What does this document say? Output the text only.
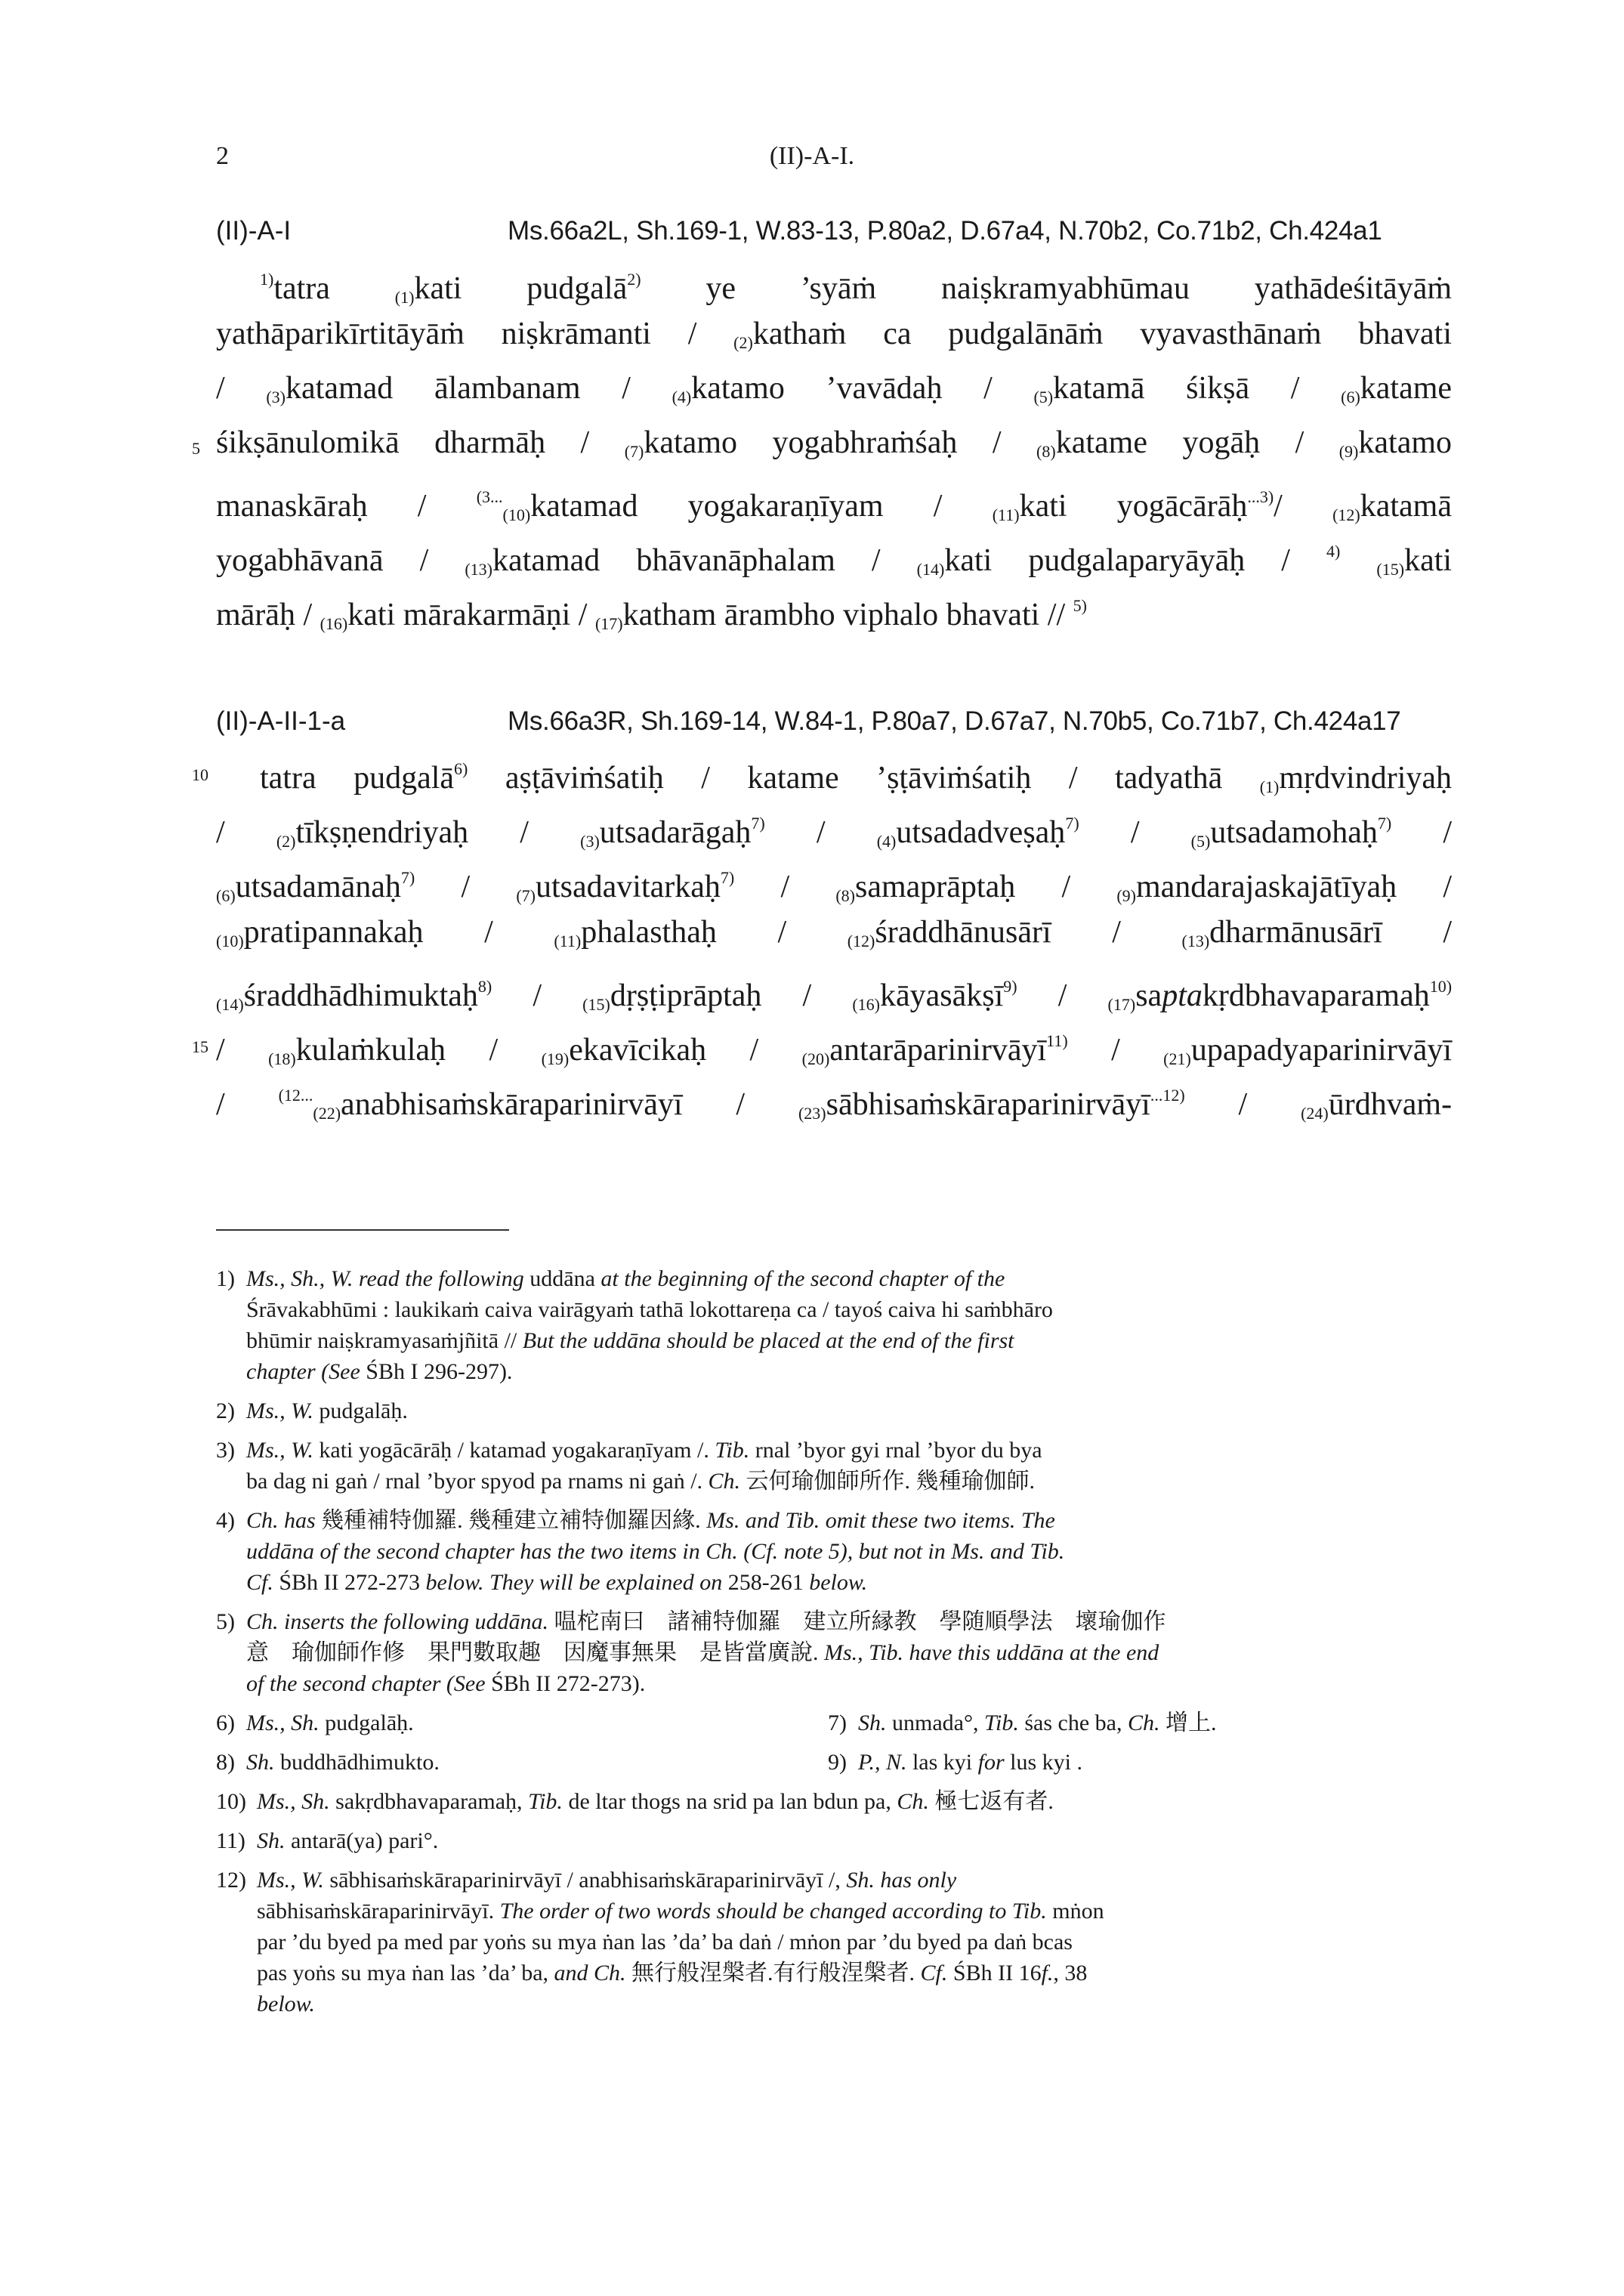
2	(II)-A-I.
(II)-A-I	Ms.66a2L, Sh.169-1, W.83-13, P.80a2, D.67a4, N.70b2, Co.71b2, Ch.424a1
$^{1)}$tatra	$_{(1)}$kati pudgalā$^{2)}$ ye ’syāṁ naiṣkramyabhūmau yathādeśitāyāṁ
yathāparikīrtitāyāṁ niṣkrāmanti / $_{(2)}$kathaṁ ca pudgalānāṁ vyavasthānaṁ bhavati
/ $_{(3)}$katamad ālambanam / $_{(4)}$katamo ’vavādaḥ / $_{(5)}$katamā śikṣā / $_{(6)}$katame
5 śikṣānulomikā dharmāḥ / $_{(7)}$katamo yogabhraṁśaḥ / $_{(8)}$katame yogāḥ / $_{(9)}$katamo
manaskāraḥ /	$^{(3...}_{(10)}$katamad yogakaraṇīyam /	$_{(11)}$kati yogācārāḥ$^{...3)}$/	$_{(12)}$katamā
yogabhāvanā / $_{(13)}$katamad bhāvanāphalam / $_{(14)}$kati pudgalaparyāyāḥ / $^{4)}$ $_{(15)}$kati
mārāḥ / $_{(16)}$kati mārakarmāṇi / $_{(17)}$katham ārambho viphalo bhavati // $^{5)}$
(II)-A-II-1-a	Ms.66a3R, Sh.169-14, W.84-1, P.80a7, D.67a7, N.70b5, Co.71b7, Ch.424a17
10 tatra pudgalā$^{6)}$ aṣṭāviṁśatiḥ / katame ’ṣṭāviṁśatiḥ / tadyathā $_{(1)}$mṛdvindriyaḥ
/	$_{(2)}$tīkṣṇendriyaḥ /	$_{(3)}$utsadarāgaḥ$^{7)}$ /	$_{(4)}$utsadadveṣaḥ$^{7)}$ /	$_{(5)}$utsadamohaḥ$^{7)}$ /
$_{(6)}$utsadamānaḥ$^{7)}$ /	$_{(7)}$utsadavitarkaḥ$^{7)}$ /	$_{(8)}$samaprāptaḥ /	$_{(9)}$mandarajaskajātīyaḥ /
$_{(10)}$pratipannakaḥ /	$_{(11)}$phalasthaḥ /	$_{(12)}$śraddhānusārī /	$_{(13)}$dharmānusārī /
$_{(14)}$śraddhādhimuktaḥ$^{8)}$ / $_{(15)}$dṛṣṭiprāptaḥ / $_{(16)}$kāyasākṣī$^{9)}$ / $_{(17)}$saptakṛdbhavaparamaḥ$^{10)}$
15 /	$_{(18)}$kulaṁkulaḥ /	$_{(19)}$ekavīcikaḥ /	$_{(20)}$antarāparinirvāyī$^{11)}$ /	$_{(21)}$upapadyaparinirvāyī
/	$^{(12...}_{(22)}$anabhisaṁskāraparinirvāyī /	$_{(23)}$sābhisaṁskāraparinirvāyī$^{...12)}$ /	$_{(24)}$ūrdhvaṁ-
1) Ms., Sh., W. read the following uddāna at the beginning of the second chapter of the
Śrāvakabhūmi : laukikaṁ caiva vairāgyaṁ tathā lokottareṇa ca / tayoś caiva hi saṁbhāro
bhūmir naiṣkramyasaṁjñitā // But the uddāna should be placed at the end of the first
chapter (See ŚBh I 296-297).
2) Ms., W. pudgalāḥ.
3) Ms., W. kati yogācārāḥ / katamad yogakaraṇīyam /. Tib. rnal ’byor gyi rnal ’byor du bya
ba dag ni gaṅ / rnal ’byor spyod pa rnams ni gaṅ /. Ch. 云何瑜伽師所作. 幾種瑜伽師.
4) Ch. has 幾種補特伽羅. 幾種建立補特伽羅因緣. Ms. and Tib. omit these two items. The
uddāna of the second chapter has the two items in Ch. (Cf. note 5), but not in Ms. and Tib.
Cf. ŚBh II 272-273 below. They will be explained on 258-261 below.
5) Ch. inserts the following uddāna. 嗢柁南曰　諸補特伽羅　建立所縁教　學随順學法　壞瑜伽作
意　瑜伽師作修　果門數取趣　因魔事無果　是皆當廣說. Ms., Tib. have this uddāna at the end
of the second chapter (See ŚBh II 272-273).
6) Ms., Sh. pudgalāḥ.	7) Sh. unmada°, Tib. śas che ba, Ch. 增上.
8) Sh. buddhādhimukto.	9) P., N. las kyi for lus kyi .
10) Ms., Sh. sakṛdbhavaparamaḥ, Tib. de ltar thogs na srid pa lan bdun pa, Ch. 極七返有者.
11) Sh. antarā(ya) pari°.
12) Ms., W. sābhisaṁskāraparinirvāyī / anabhisaṁskāraparinirvāyī /, Sh. has only
sābhisaṁskāraparinirvāyī. The order of two words should be changed according to Tib. mṅon
par ’du byed pa med par yoṅs su mya ṅan las ’da’ ba daṅ / mṅon par ’du byed pa daṅ bcas
pas yoṅs su mya ṅan las ’da’ ba, and Ch. 無行般涅槃者.有行般涅槃者. Cf. ŚBh II 16f., 38
below.
